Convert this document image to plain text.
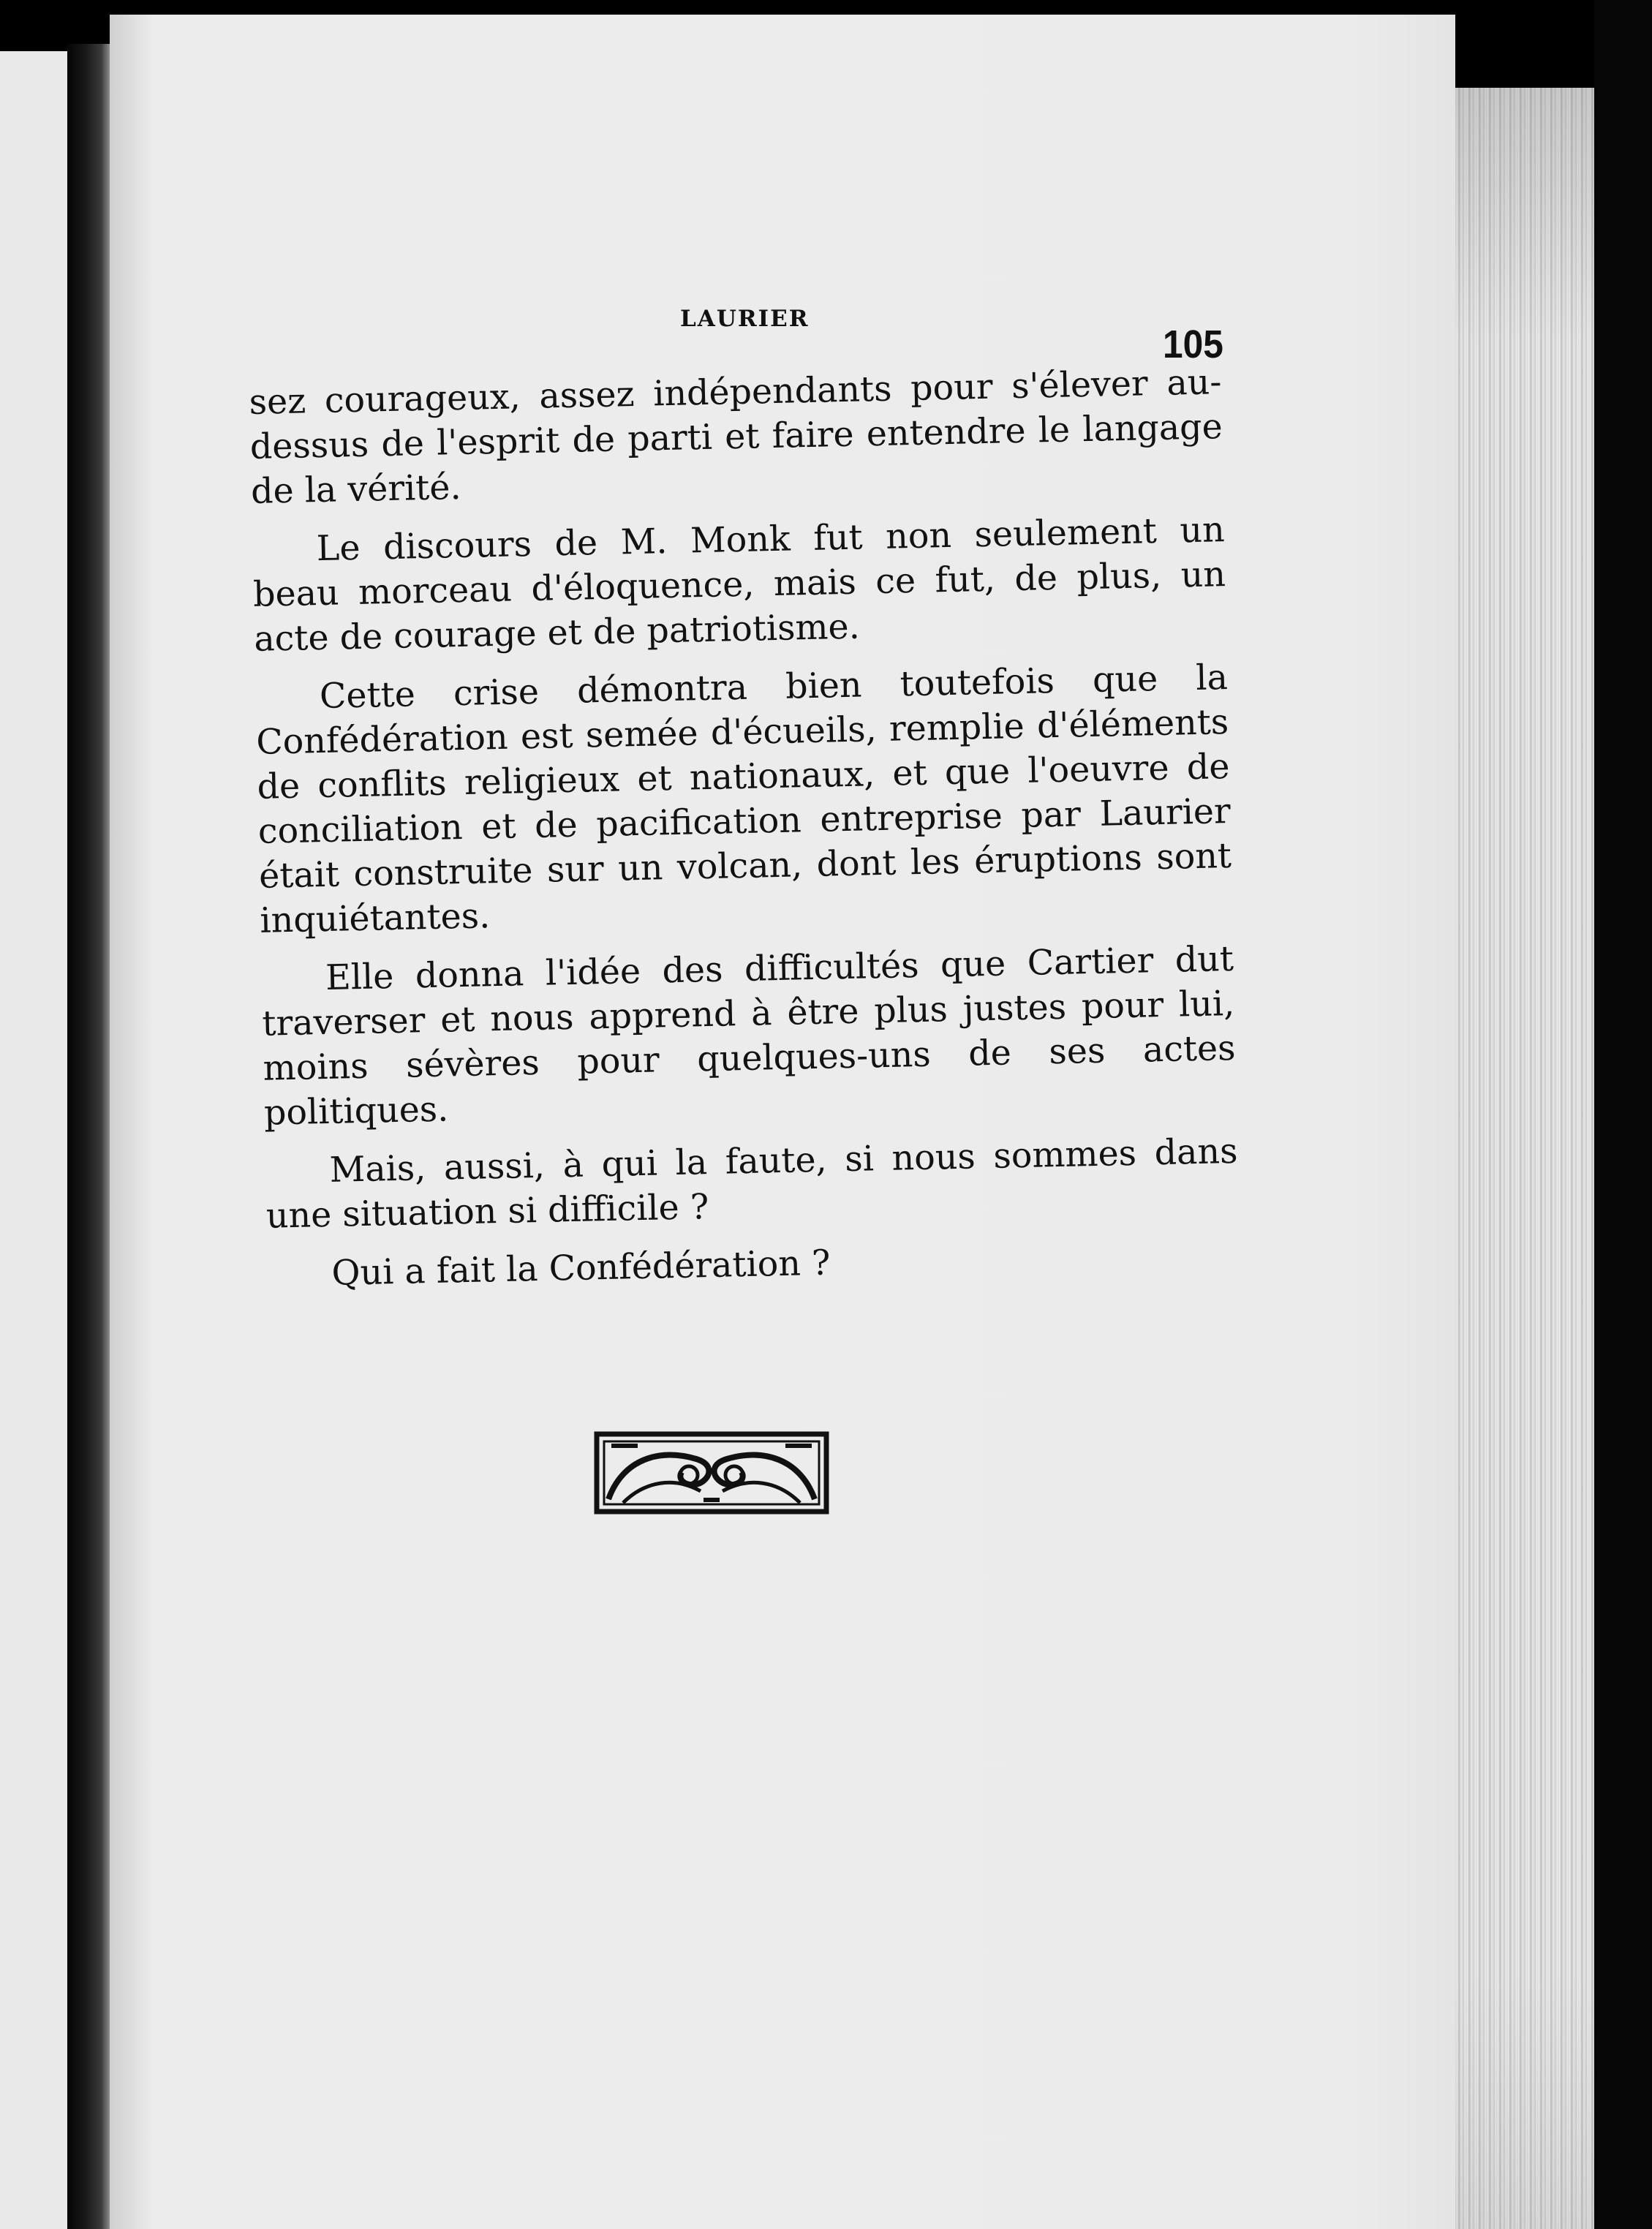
LAURIER
105

sez courageux, assez indépendants pour s'élever au-dessus de l'esprit de parti et faire entendre le langage de la vérité.

Le discours de M. Monk fut non seulement un beau morceau d'éloquence, mais ce fut, de plus, un acte de courage et de patriotisme.

Cette crise démontra bien toutefois que la Confédération est semée d'écueils, remplie d'éléments de conflits religieux et nationaux, et que l'oeuvre de conciliation et de pacification entreprise par Laurier était construite sur un volcan, dont les éruptions sont inquiétantes.

Elle donna l'idée des difficultés que Cartier dut traverser et nous apprend à être plus justes pour lui, moins sévères pour quelques-uns de ses actes politiques.

Mais, aussi, à qui la faute, si nous sommes dans une situation si difficile ?

Qui a fait la Confédération ?
